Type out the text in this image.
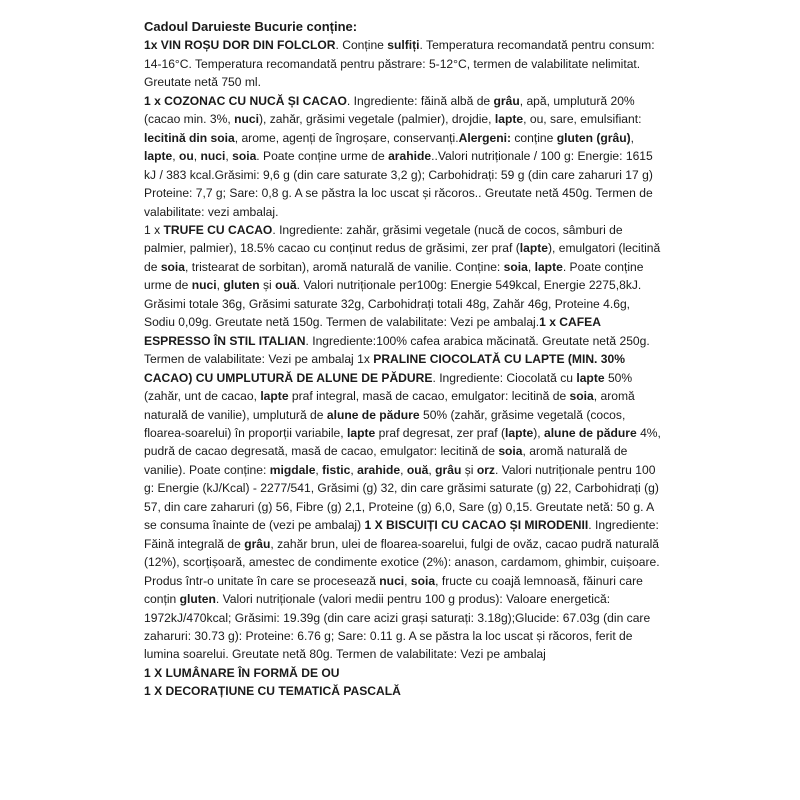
Cadoul Daruieste Bucurie conține:

1x VIN ROȘU DOR DIN FOLCLOR. Conține sulfiți. Temperatura recomandată pentru consum: 14-16°C. Temperatura recomandată pentru păstrare: 5-12°C, termen de valabilitate nelimitat. Greutate netă 750 ml.

1 x COZONAC CU NUCĂ ȘI CACAO. Ingrediente: făină albă de grâu, apă, umplutură 20% (cacao min. 3%, nuci), zahăr, grăsimi vegetale (palmier), drojdie, lapte, ou, sare, emulsifiant: lecitină din soia, arome, agenți de îngroșare, conservanți.Alergeni: conține gluten (grâu), lapte, ou, nuci, soia. Poate conține urme de arahide..Valori nutriționale / 100 g: Energie: 1615 kJ / 383 kcal.Grăsimi: 9,6 g (din care saturate 3,2 g); Carbohidrați: 59 g (din care zaharuri 17 g) Proteine: 7,7 g; Sare: 0,8 g. A se păstra la loc uscat și răcoros.. Greutate netă 450g. Termen de valabilitate: vezi ambalaj.

1 x TRUFE CU CACAO. Ingrediente: zahăr, grăsimi vegetale (nucă de cocos, sâmburi de palmier, palmier), 18.5% cacao cu conținut redus de grăsimi, zer praf (lapte), emulgatori (lecitină de soia, tristearat de sorbitan), aromă naturală de vanilie. Conține: soia, lapte. Poate conține urme de nuci, gluten și ouă. Valori nutriționale per100g: Energie 549kcal, Energie 2275,8kJ. Grăsimi totale 36g, Grăsimi saturate 32g, Carbohidrați totali 48g, Zahăr 46g, Proteine 4.6g, Sodiu 0,09g. Greutate netă 150g. Termen de valabilitate: Vezi pe ambalaj.1 x CAFEA ESPRESSO ÎN STIL ITALIAN. Ingrediente:100% cafea arabica măcinată. Greutate netă 250g. Termen de valabilitate: Vezi pe ambalaj 1x PRALINE CIOCOLATĂ CU LAPTE (MIN. 30% CACAO) CU UMPLUTURĂ DE ALUNE DE PĂDURE. Ingrediente: Ciocolată cu lapte 50% (zahăr, unt de cacao, lapte praf integral, masă de cacao, emulgator: lecitină de soia, aromă naturală de vanilie), umplutură de alune de pădure 50% (zahăr, grăsime vegetală (cocos, floarea-soarelui) în proporții variabile, lapte praf degresat, zer praf (lapte), alune de pădure 4%, pudră de cacao degresată, masă de cacao, emulgator: lecitină de soia, aromă naturală de vanilie). Poate conține: migdale, fistic, arahide, ouă, grâu și orz. Valori nutriționale pentru 100 g: Energie (kJ/Kcal) - 2277/541, Grăsimi (g) 32, din care grăsimi saturate (g) 22, Carbohidrați (g) 57, din care zaharuri (g) 56, Fibre (g) 2,1, Proteine (g) 6,0, Sare (g) 0,15. Greutate netă: 50 g. A se consuma înainte de (vezi pe ambalaj) 1 X BISCUIȚI CU CACAO ȘI MIRODENII. Ingrediente: Făină integrală de grâu, zahăr brun, ulei de floarea-soarelui, fulgi de ovăz, cacao pudră naturală (12%), scorțișoară, amestec de condimente exotice (2%): anason, cardamom, ghimbir, cuișoare. Produs într-o unitate în care se procesează nuci, soia, fructe cu coajă lemnoasă, făinuri care conțin gluten. Valori nutriționale (valori medii pentru 100 g produs): Valoare energetică: 1972kJ/470kcal; Grăsimi: 19.39g (din care acizi grași saturați: 3.18g);Glucide: 67.03g (din care zaharuri: 30.73 g): Proteine: 6.76 g; Sare: 0.11 g. A se păstra la loc uscat și răcoros, ferit de lumina soarelui. Greutate netă 80g. Termen de valabilitate: Vezi pe ambalaj

1 X LUMÂNARE ÎN FORMĂ DE OU

1 X DECORAȚIUNE CU TEMATICĂ PASCALĂ
